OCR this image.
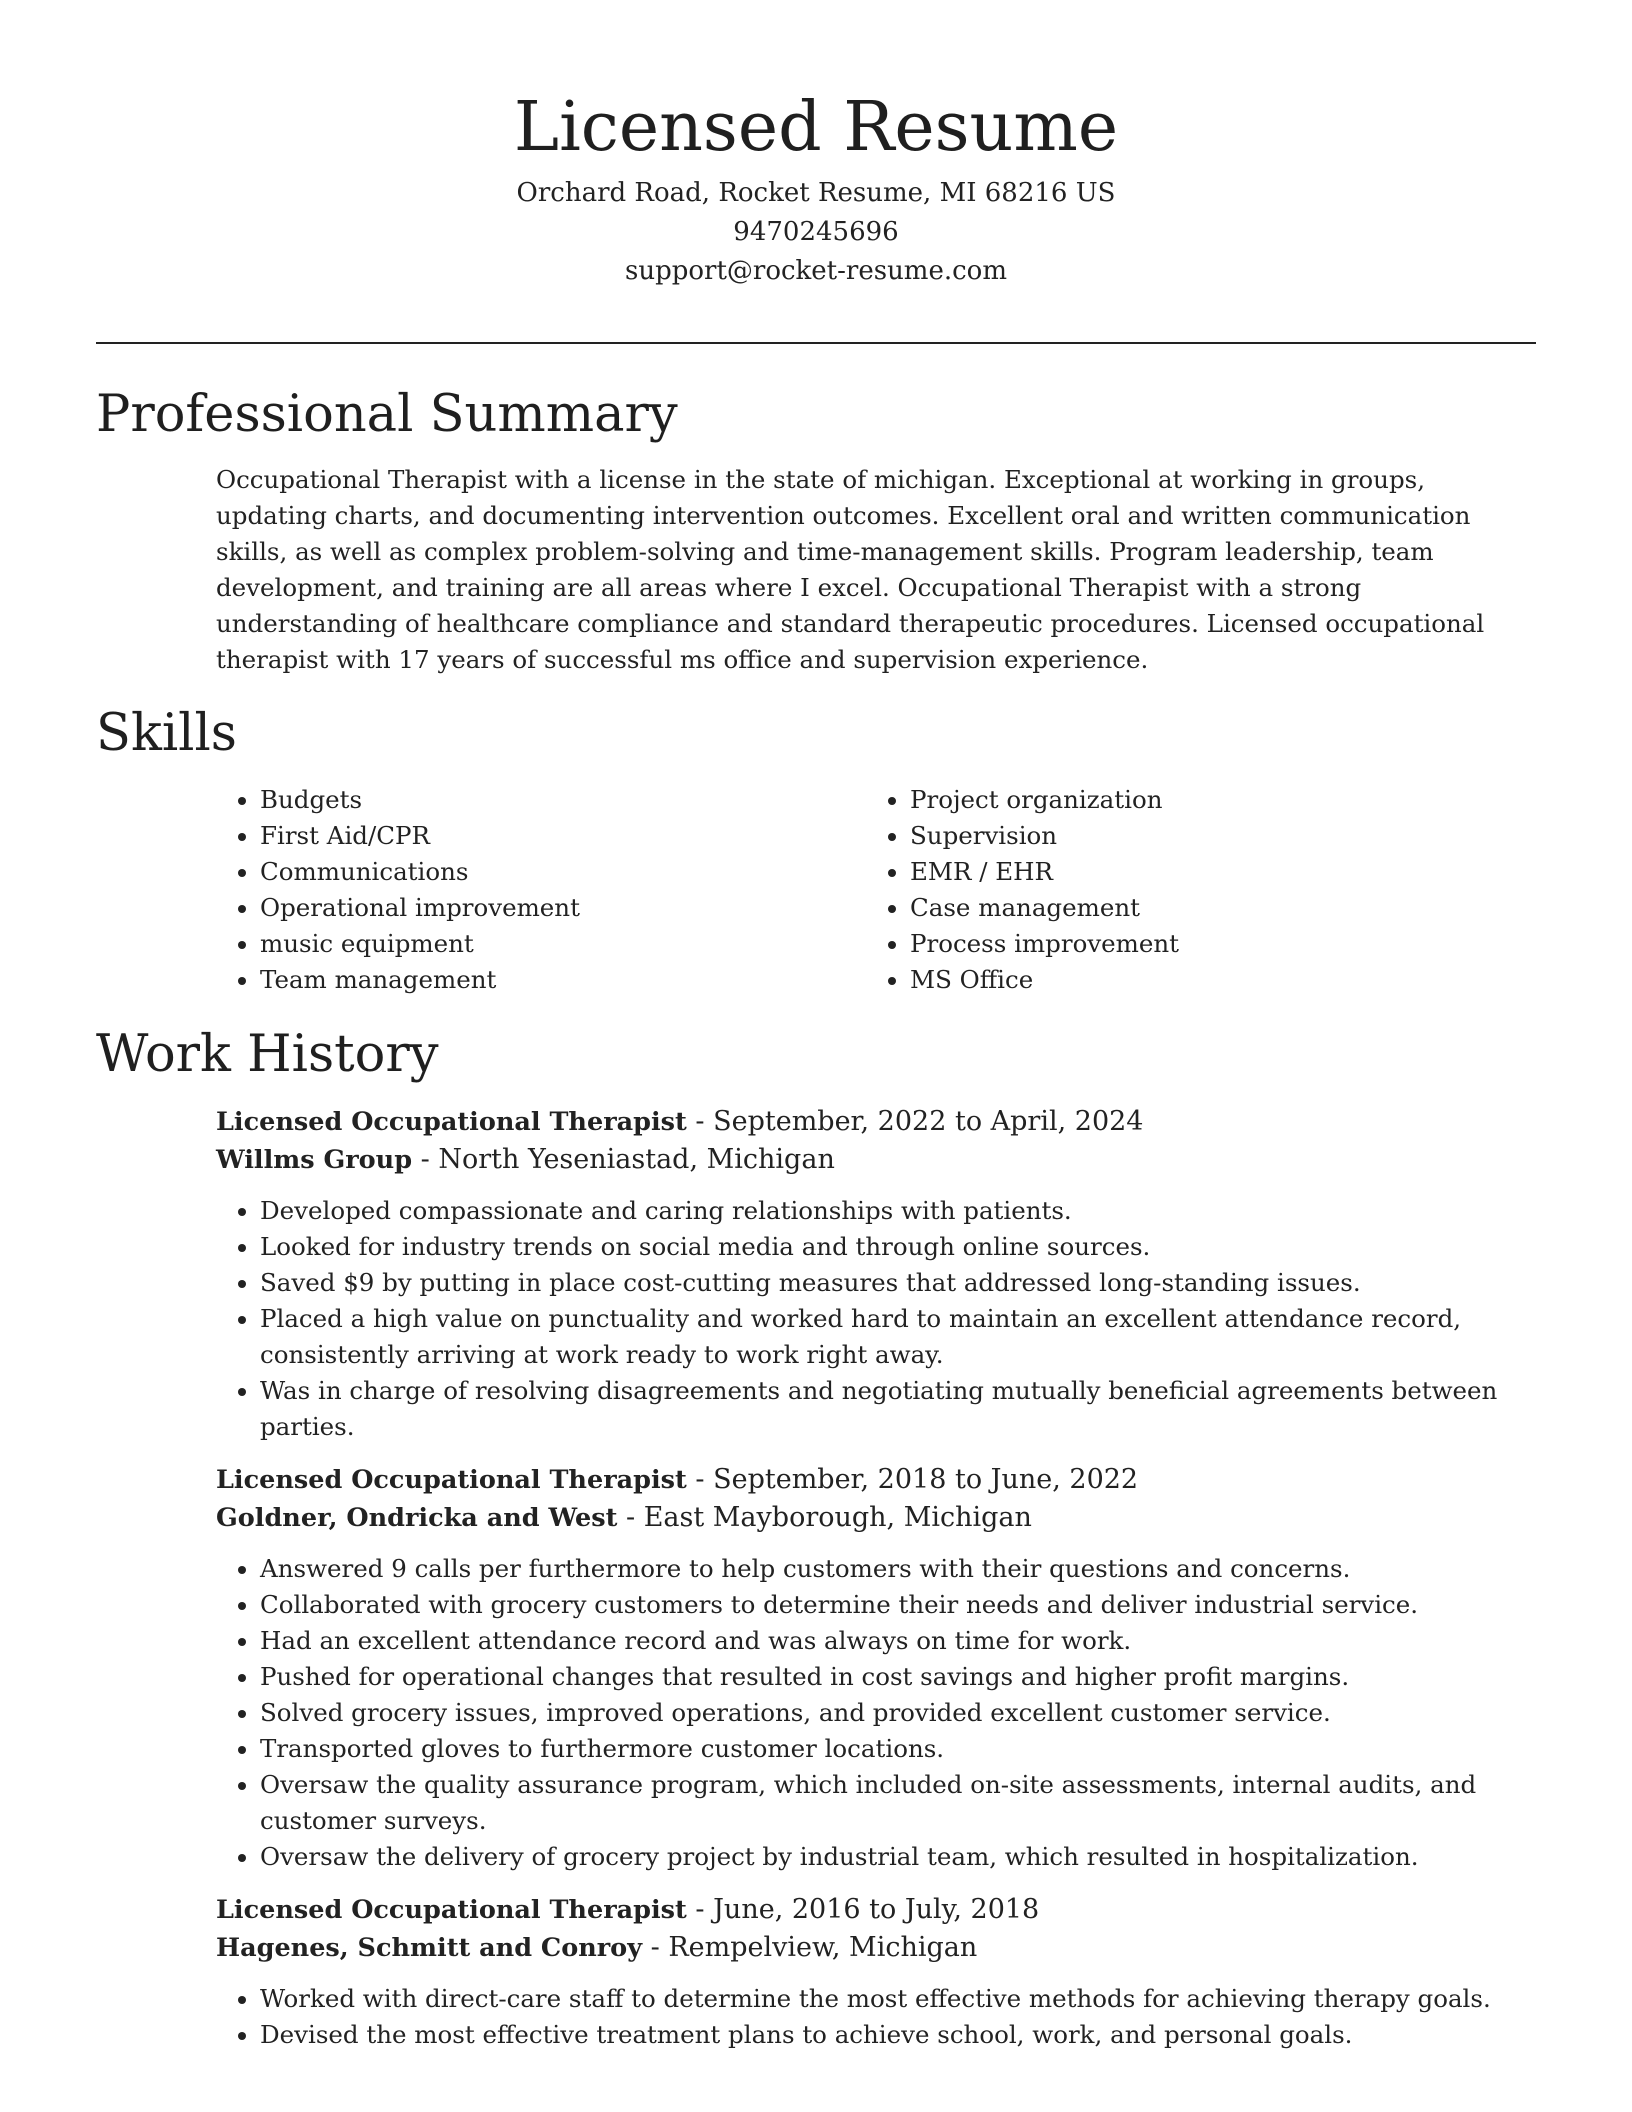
Licensed Resume
Orchard Road, Rocket Resume, MI 68216 US
9470245696
support@rocket-resume.com
Professional Summary

Occupational Therapist with a license in the state of michigan. Exceptional at working in groups, updating charts, and documenting intervention outcomes. Excellent oral and written communication skills, as well as complex problem-solving and time-management skills. Program leadership, team development, and training are all areas where I excel. Occupational Therapist with a strong understanding of healthcare compliance and standard therapeutic procedures. Licensed occupational therapist with 17 years of successful ms office and supervision experience.

Skills
• Budgets
• First Aid/CPR
• Communications
• Operational improvement
• music equipment
• Team management
• Project organization
• Supervision
• EMR / EHR
• Case management
• Process improvement
• MS Office
Work History
Licensed Occupational Therapist - September, 2022 to April, 2024
Willms Group - North Yeseniastad, Michigan
• Developed compassionate and caring relationships with patients.
• Looked for industry trends on social media and through online sources.
• Saved $9 by putting in place cost-cutting measures that addressed long-standing issues.
• Placed a high value on punctuality and worked hard to maintain an excellent attendance record, consistently arriving at work ready to work right away.
• Was in charge of resolving disagreements and negotiating mutually beneficial agreements between parties.
Licensed Occupational Therapist - September, 2018 to June, 2022
Goldner, Ondricka and West - East Mayborough, Michigan
• Answered 9 calls per furthermore to help customers with their questions and concerns.
• Collaborated with grocery customers to determine their needs and deliver industrial service.
• Had an excellent attendance record and was always on time for work.
• Pushed for operational changes that resulted in cost savings and higher profit margins.
• Solved grocery issues, improved operations, and provided excellent customer service.
• Transported gloves to furthermore customer locations.
• Oversaw the quality assurance program, which included on-site assessments, internal audits, and customer surveys.
• Oversaw the delivery of grocery project by industrial team, which resulted in hospitalization.
Licensed Occupational Therapist - June, 2016 to July, 2018
Hagenes, Schmitt and Conroy - Rempelview, Michigan
• Worked with direct-care staff to determine the most effective methods for achieving therapy goals.
• Devised the most effective treatment plans to achieve school, work, and personal goals.
